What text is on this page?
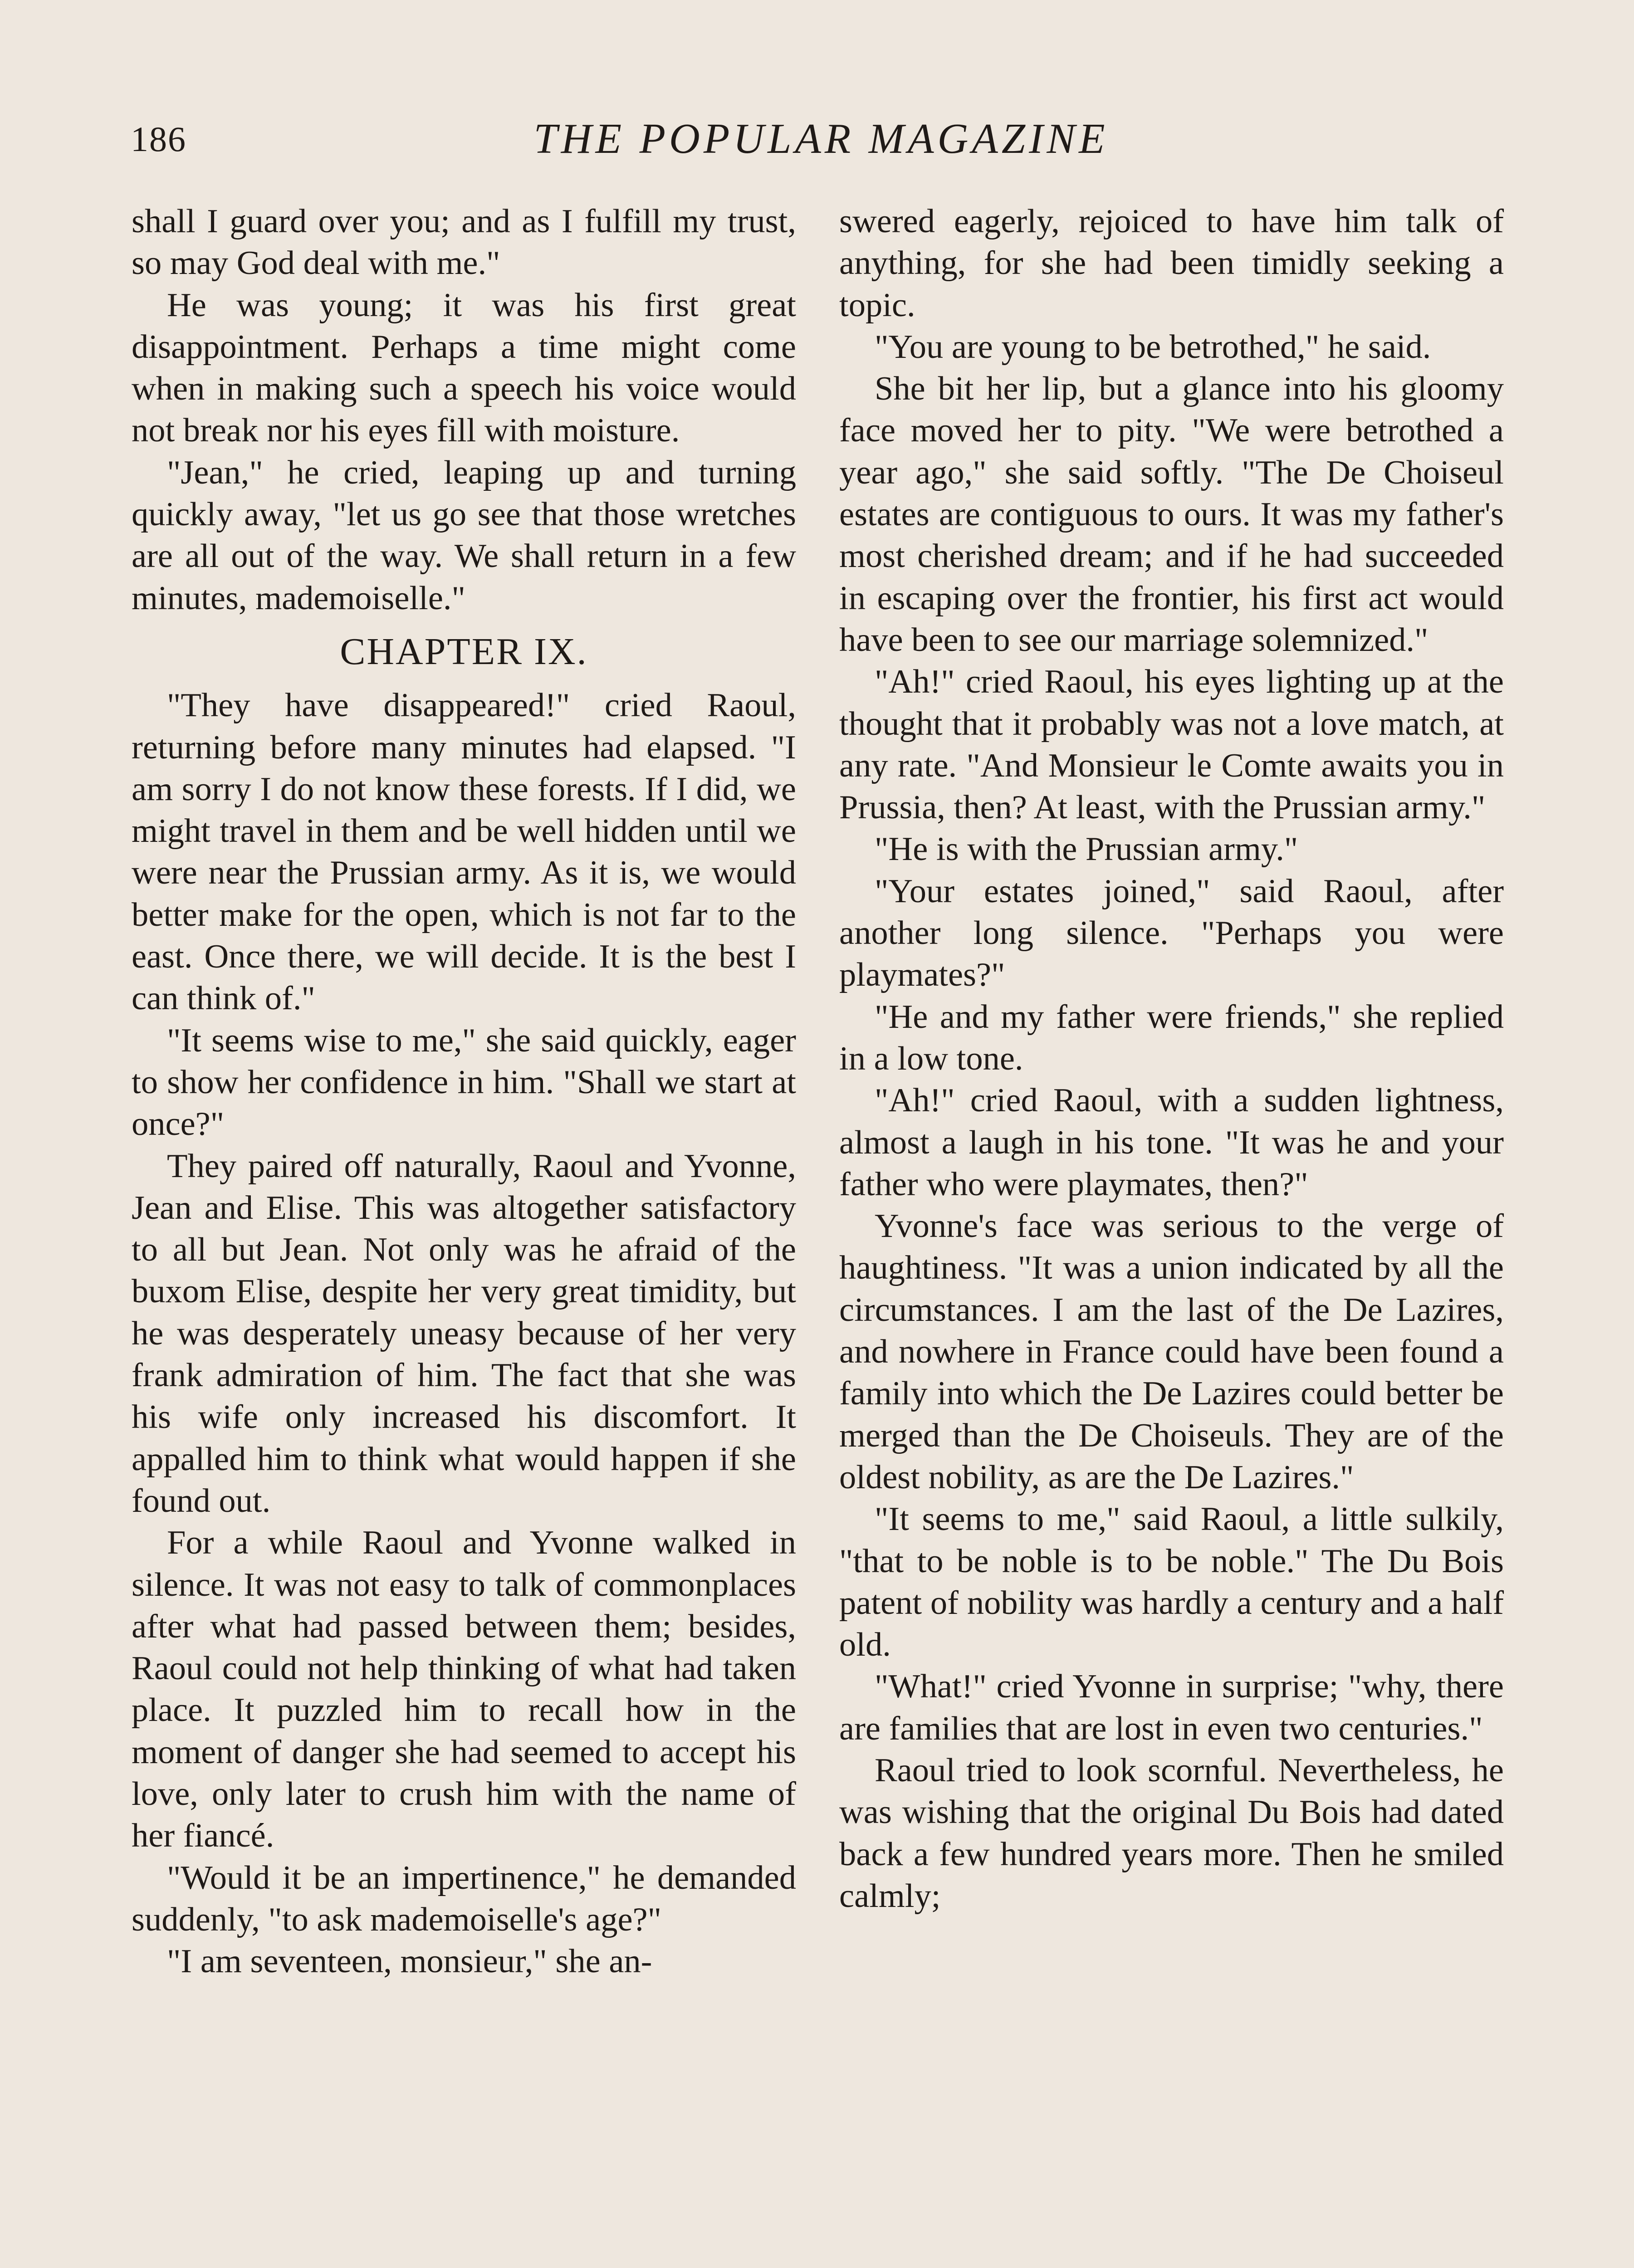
186	THE POPULAR MAGAZINE

shall I guard over you; and as I fulfill my trust, so may God deal with me."

He was young; it was his first great disappointment. Perhaps a time might come when in making such a speech his voice would not break nor his eyes fill with moisture.

"Jean," he cried, leaping up and turning quickly away, "let us go see that those wretches are all out of the way. We shall return in a few minutes, mademoiselle."

CHAPTER IX.

"They have disappeared!" cried Raoul, returning before many minutes had elapsed. "I am sorry I do not know these forests. If I did, we might travel in them and be well hidden until we were near the Prussian army. As it is, we would better make for the open, which is not far to the east. Once there, we will decide. It is the best I can think of."

"It seems wise to me," she said quickly, eager to show her confidence in him. "Shall we start at once?"

They paired off naturally, Raoul and Yvonne, Jean and Elise. This was altogether satisfactory to all but Jean. Not only was he afraid of the buxom Elise, despite her very great timidity, but he was desperately uneasy because of her very frank admiration of him. The fact that she was his wife only increased his discomfort. It appalled him to think what would happen if she found out.

For a while Raoul and Yvonne walked in silence. It was not easy to talk of commonplaces after what had passed between them; besides, Raoul could not help thinking of what had taken place. It puzzled him to recall how in the moment of danger she had seemed to accept his love, only later to crush him with the name of her fiancé.

"Would it be an impertinence," he demanded suddenly, "to ask mademoiselle's age?"

"I am seventeen, monsieur," she an-

swered eagerly, rejoiced to have him talk of anything, for she had been timidly seeking a topic.

"You are young to be betrothed," he said.

She bit her lip, but a glance into his gloomy face moved her to pity. "We were betrothed a year ago," she said softly. "The De Choiseul estates are contiguous to ours. It was my father's most cherished dream; and if he had succeeded in escaping over the frontier, his first act would have been to see our marriage solemnized."

"Ah!" cried Raoul, his eyes lighting up at the thought that it probably was not a love match, at any rate. "And Monsieur le Comte awaits you in Prussia, then? At least, with the Prussian army."

"He is with the Prussian army."

"Your estates joined," said Raoul, after another long silence. "Perhaps you were playmates?"

"He and my father were friends," she replied in a low tone.

"Ah!" cried Raoul, with a sudden lightness, almost a laugh in his tone. "It was he and your father who were playmates, then?"

Yvonne's face was serious to the verge of haughtiness. "It was a union indicated by all the circumstances. I am the last of the De Lazires, and nowhere in France could have been found a family into which the De Lazires could better be merged than the De Choiseuls. They are of the oldest nobility, as are the De Lazires."

"It seems to me," said Raoul, a little sulkily, "that to be noble is to be noble." The Du Bois patent of nobility was hardly a century and a half old.

"What!" cried Yvonne in surprise; "why, there are families that are lost in even two centuries."

Raoul tried to look scornful. Nevertheless, he was wishing that the original Du Bois had dated back a few hundred years more. Then he smiled calmly;
